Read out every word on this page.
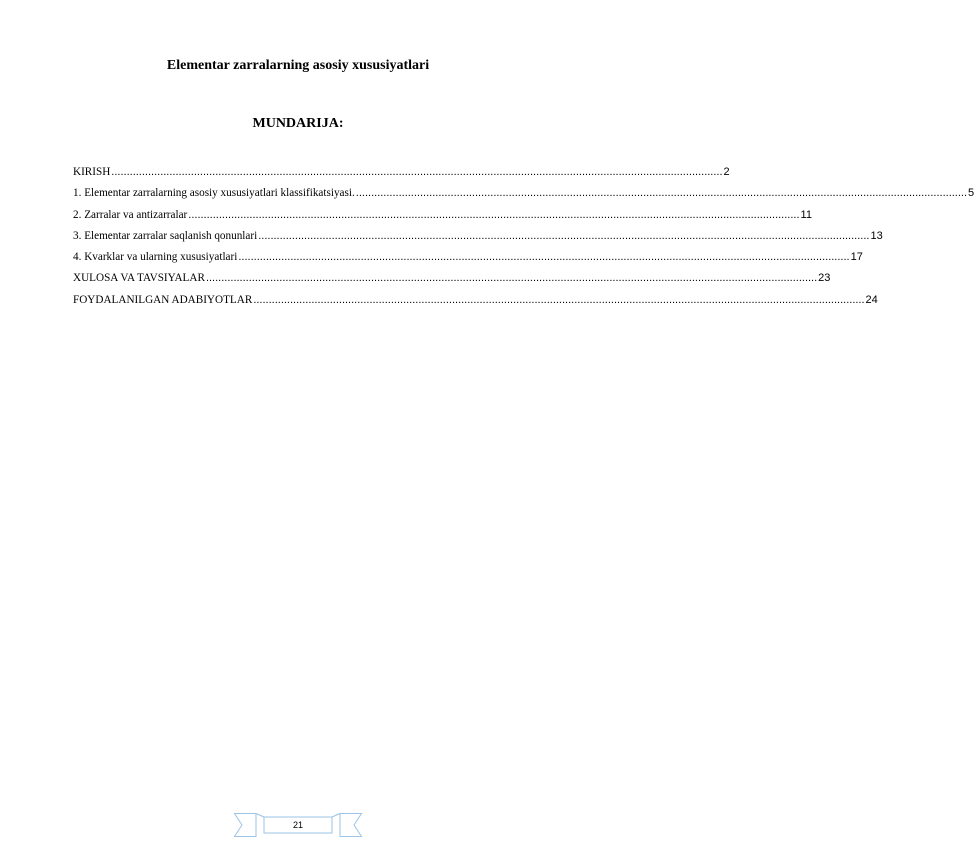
Elementar zarralarning asosiy xususiyatlari
MUNDARIJA:
KIRISH ........................................................................................................................................................................................................ 2
1. Elementar zarralarning asosiy xususiyatlari klassifikatsiyasi. ........................................................................................................................................................................................................ 5
2. Zarralar va antizarralar ........................................................................................................................................................................................................ 11
3. Elementar zarralar saqlanish qonunlari ........................................................................................................................................................................................................ 13
4. Kvarklar va ularning xususiyatlari ........................................................................................................................................................................................................ 17
XULOSA VA TAVSIYALAR ........................................................................................................................................................................................................ 23
FOYDALANILGAN ADABIYOTLAR ........................................................................................................................................................................................................ 24
21
